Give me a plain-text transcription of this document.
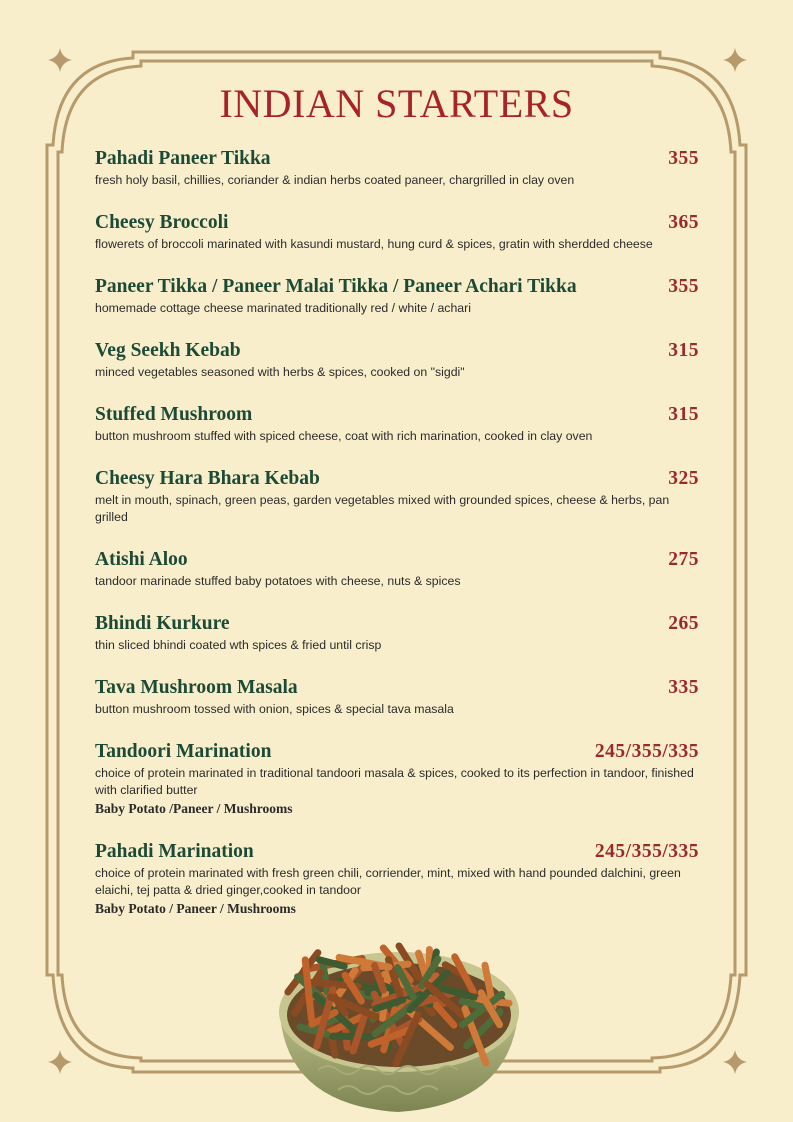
INDIAN STARTERS
Pahadi Paneer Tikka	355
fresh holy basil, chillies, coriander & indian herbs coated paneer, chargrilled in clay oven
Cheesy Broccoli	365
flowerets of broccoli marinated with kasundi mustard, hung curd & spices, gratin with sherdded cheese
Paneer Tikka / Paneer Malai Tikka / Paneer Achari Tikka	355
homemade cottage cheese marinated traditionally red / white / achari
Veg Seekh Kebab	315
minced vegetables seasoned with herbs & spices, cooked on "sigdi"
Stuffed Mushroom	315
button mushroom stuffed with spiced cheese, coat with rich marination, cooked in clay oven
Cheesy Hara Bhara Kebab	325
melt in mouth, spinach, green peas, garden vegetables mixed with grounded spices, cheese & herbs, pan grilled
Atishi Aloo	275
tandoor marinade stuffed baby potatoes with cheese, nuts & spices
Bhindi Kurkure	265
thin sliced bhindi coated wth spices & fried until crisp
Tava Mushroom Masala	335
button mushroom tossed with onion, spices & special tava masala
Tandoori Marination	245/355/335
choice of protein marinated in traditional tandoori masala & spices, cooked to its perfection in tandoor, finished with clarified butter
Baby Potato /Paneer / Mushrooms
Pahadi Marination	245/355/335
choice of protein marinated with fresh green chili, corriender, mint, mixed with hand pounded dalchini, green elaichi, tej patta & dried ginger,cooked in tandoor
Baby Potato / Paneer / Mushrooms
